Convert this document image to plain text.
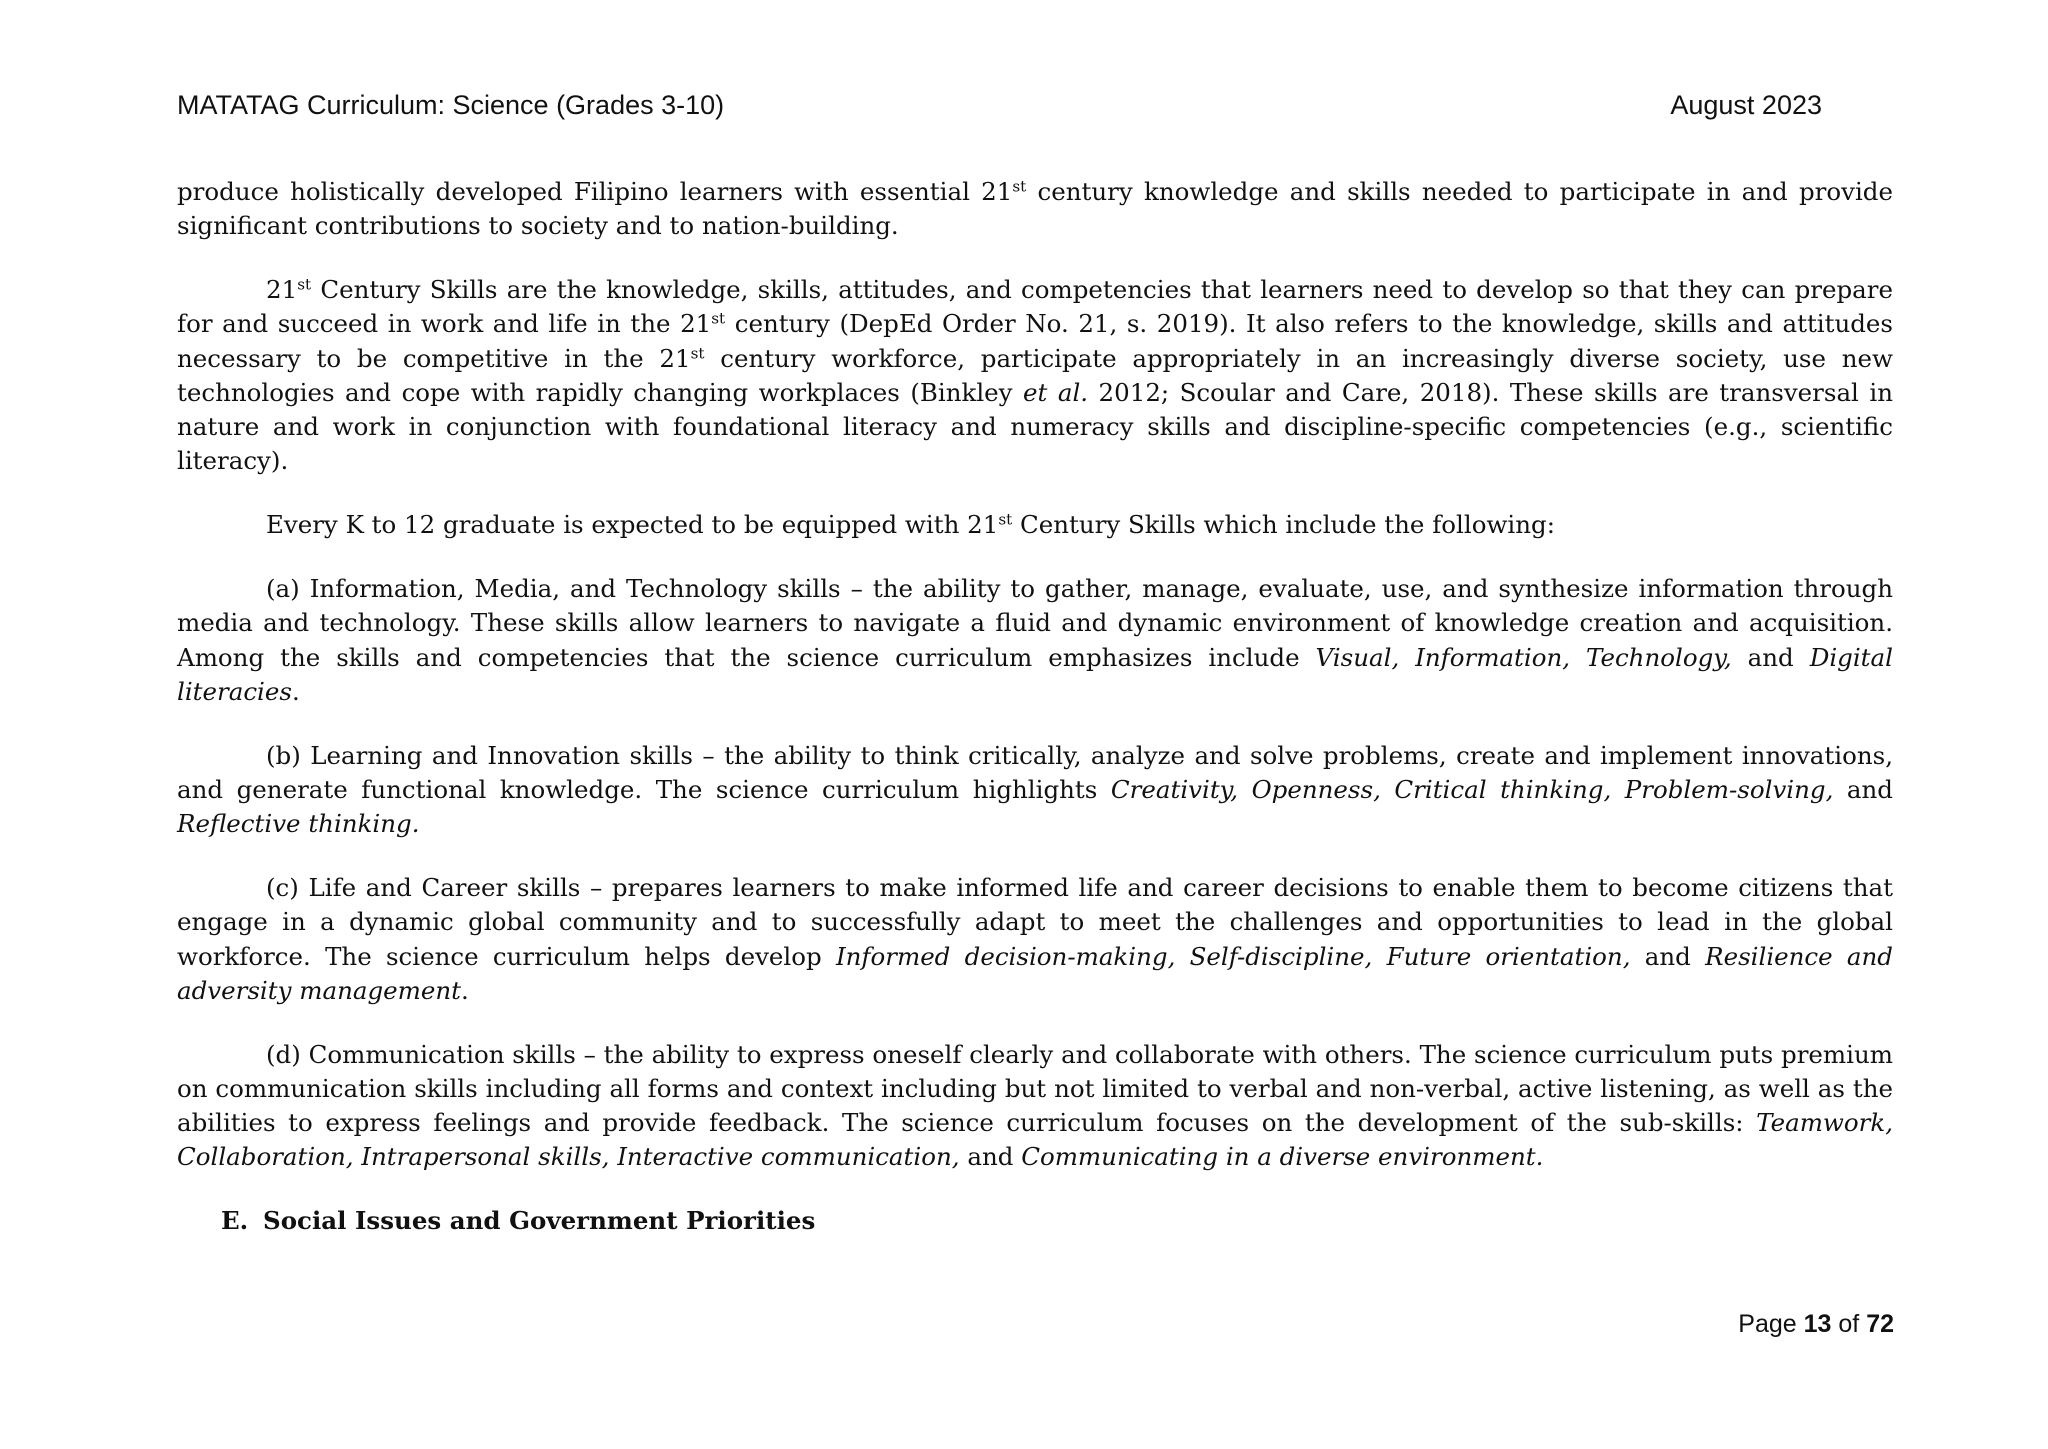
MATATAG Curriculum: Science (Grades 3-10)	August 2023

produce holistically developed Filipino learners with essential 21st century knowledge and skills needed to participate in and provide significant contributions to society and to nation-building.

21st Century Skills are the knowledge, skills, attitudes, and competencies that learners need to develop so that they can prepare for and succeed in work and life in the 21st century (DepEd Order No. 21, s. 2019). It also refers to the knowledge, skills and attitudes necessary to be competitive in the 21st century workforce, participate appropriately in an increasingly diverse society, use new technologies and cope with rapidly changing workplaces (Binkley et al. 2012; Scoular and Care, 2018). These skills are transversal in nature and work in conjunction with foundational literacy and numeracy skills and discipline-specific competencies (e.g., scientific literacy).

Every K to 12 graduate is expected to be equipped with 21st Century Skills which include the following:

(a) Information, Media, and Technology skills – the ability to gather, manage, evaluate, use, and synthesize information through media and technology. These skills allow learners to navigate a fluid and dynamic environment of knowledge creation and acquisition. Among the skills and competencies that the science curriculum emphasizes include Visual, Information, Technology, and Digital literacies.

(b) Learning and Innovation skills – the ability to think critically, analyze and solve problems, create and implement innovations, and generate functional knowledge. The science curriculum highlights Creativity, Openness, Critical thinking, Problem-solving, and Reflective thinking.

(c) Life and Career skills – prepares learners to make informed life and career decisions to enable them to become citizens that engage in a dynamic global community and to successfully adapt to meet the challenges and opportunities to lead in the global workforce. The science curriculum helps develop Informed decision-making, Self-discipline, Future orientation, and Resilience and adversity management.

(d) Communication skills – the ability to express oneself clearly and collaborate with others. The science curriculum puts premium on communication skills including all forms and context including but not limited to verbal and non-verbal, active listening, as well as the abilities to express feelings and provide feedback. The science curriculum focuses on the development of the sub-skills: Teamwork, Collaboration, Intrapersonal skills, Interactive communication, and Communicating in a diverse environment.

E. Social Issues and Government Priorities

Page 13 of 72
